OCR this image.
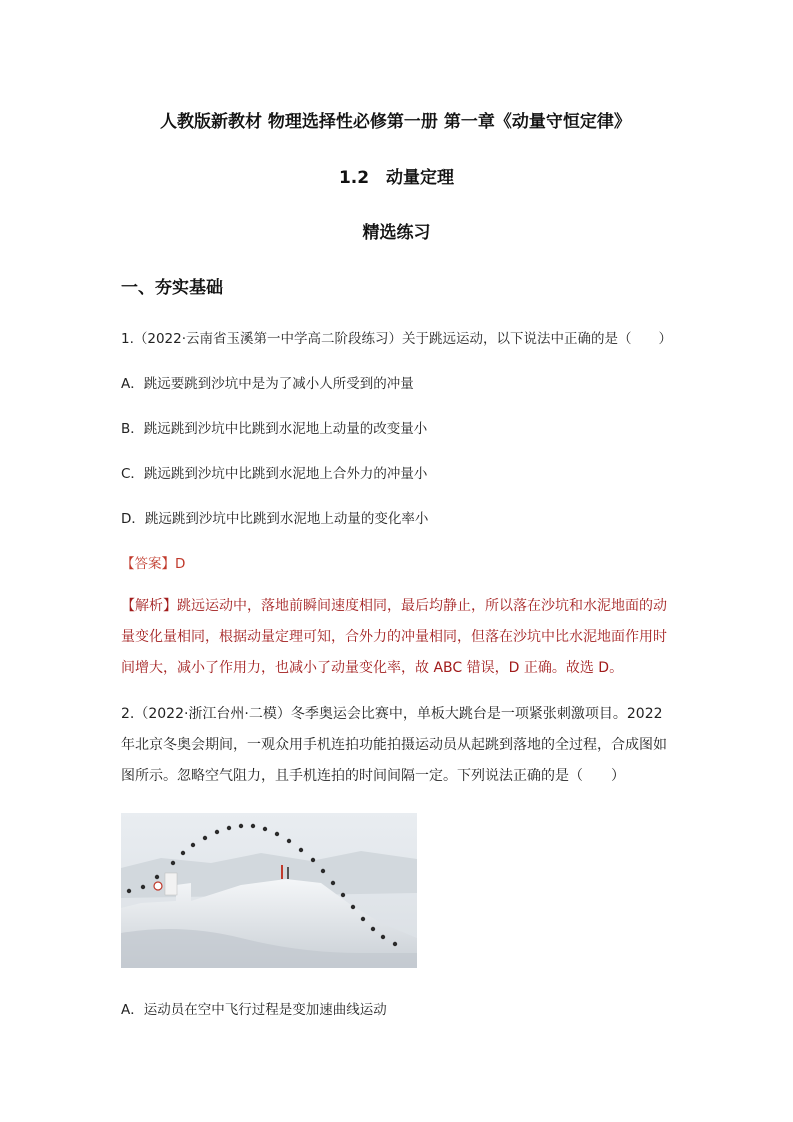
人教版新教材 物理选择性必修第一册 第一章《动量守恒定律》
1.2　动量定理
精选练习
一、夯实基础
1.（2022·云南省玉溪第一中学高二阶段练习）关于跳远运动，以下说法中正确的是（　　）
A．跳远要跳到沙坑中是为了减小人所受到的冲量
B．跳远跳到沙坑中比跳到水泥地上动量的改变量小
C．跳远跳到沙坑中比跳到水泥地上合外力的冲量小
D．跳远跳到沙坑中比跳到水泥地上动量的变化率小
【答案】D
【解析】跳远运动中，落地前瞬间速度相同，最后均静止，所以落在沙坑和水泥地面的动量变化量相同，根据动量定理可知，合外力的冲量相同，但落在沙坑中比水泥地面作用时间增大，减小了作用力，也减小了动量变化率，故 ABC 错误，D 正确。故选 D。
2.（2022·浙江台州·二模）冬季奥运会比赛中，单板大跳台是一项紧张刺激项目。2022 年北京冬奥会期间，一观众用手机连拍功能拍摄运动员从起跳到落地的全过程，合成图如图所示。忽略空气阻力，且手机连拍的时间间隔一定。下列说法正确的是（　　）
A．运动员在空中飞行过程是变加速曲线运动
